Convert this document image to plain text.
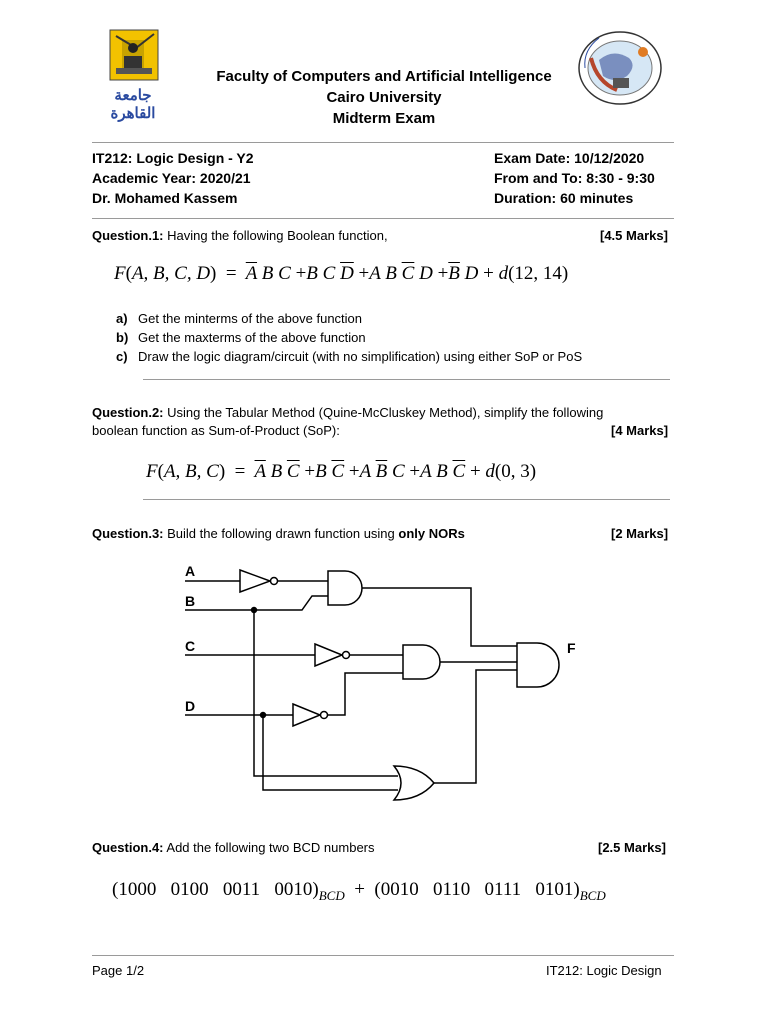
جامعة القاهرة
Faculty of Computers and Artificial Intelligence
Cairo University
Midterm Exam
IT212: Logic Design - Y2
Academic Year: 2020/21
Dr. Mohamed Kassem
Exam Date: 10/12/2020
From and To: 8:30 - 9:30
Duration: 60 minutes
Question.1: Having the following Boolean function,	[4.5 Marks]
F(A, B, C, $D) = \overline{A}$ B C +B C $\overline{D} +A$ B $\overline{C}$ $D +\overline{B}$ D + d(12, 14)
a) Get the minterms of the above function
b) Get the maxterms of the above function
c) Draw the logic diagram/circuit (with no simplification) using either SoP or PoS
Question.2: Using the Tabular Method (Quine-McCluskey Method), simplify the following
boolean function as Sum-of-Product (SoP):	[4 Marks]
F(A, B, $C) = \overline{A}$ B $\overline{C} +B$ $\overline{C} +A$ $\overline{B}$ C +A B $\overline{C} + d(0$, 3)
Question.3: Build the following drawn function using only NORs	[2 Marks]
A
B
C
D
F
Question.4: Add the following two BCD numbers	[2.5 Marks]
(1000   0100   0011   $0010)_{BCD} + (0010$   0110   0111   $0101)_{BCD}$
Page 1/2	IT212: Logic Design
